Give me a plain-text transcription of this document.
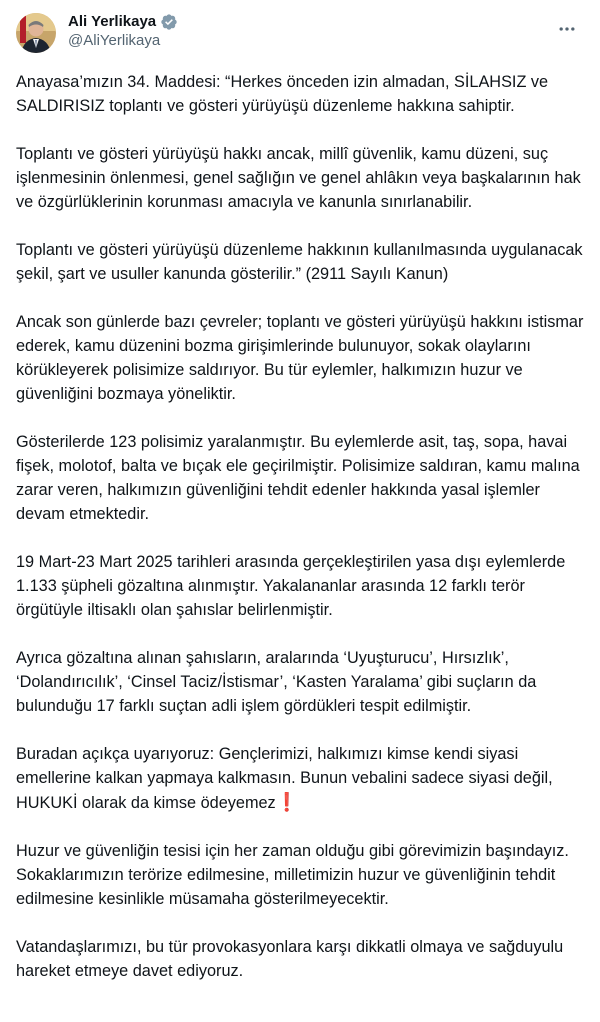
Ali Yerlikaya
@AliYerlikaya

Anayasa’mızın 34. Maddesi: “Herkes önceden izin almadan, SİLAHSIZ ve SALDIRISIZ toplantı ve gösteri yürüyüşü düzenleme hakkına sahiptir.

Toplantı ve gösteri yürüyüşü hakkı ancak, millî güvenlik, kamu düzeni, suç işlenmesinin önlenmesi, genel sağlığın ve genel ahlâkın veya başkalarının hak ve özgürlüklerinin korunması amacıyla ve kanunla sınırlanabilir.

Toplantı ve gösteri yürüyüşü düzenleme hakkının kullanılmasında uygulanacak şekil, şart ve usuller kanunda gösterilir.” (2911 Sayılı Kanun)

Ancak son günlerde bazı çevreler; toplantı ve gösteri yürüyüşü hakkını istismar ederek, kamu düzenini bozma girişimlerinde bulunuyor, sokak olaylarını körükleyerek polisimize saldırıyor. Bu tür eylemler, halkımızın huzur ve güvenliğini bozmaya yöneliktir.

Gösterilerde 123 polisimiz yaralanmıştır. Bu eylemlerde asit, taş, sopa, havai fişek, molotof, balta ve bıçak ele geçirilmiştir. Polisimize saldıran, kamu malına zarar veren, halkımızın güvenliğini tehdit edenler hakkında yasal işlemler devam etmektedir.

19 Mart-23 Mart 2025 tarihleri arasında gerçekleştirilen yasa dışı eylemlerde 1.133 şüpheli gözaltına alınmıştır. Yakalananlar arasında 12 farklı terör örgütüyle iltisaklı olan şahıslar belirlenmiştir.

Ayrıca gözaltına alınan şahısların, aralarında ‘Uyuşturucu’, Hırsızlık’, ‘Dolandırıcılık’, ‘Cinsel Taciz/İstismar’, ‘Kasten Yaralama’ gibi suçların da bulunduğu 17 farklı suçtan adli işlem gördükleri tespit edilmiştir.

Buradan açıkça uyarıyoruz: Gençlerimizi, halkımızı kimse kendi siyasi emellerine kalkan yapmaya kalkmasın. Bunun vebalini sadece siyasi değil, HUKUKİ olarak da kimse ödeyemez❗

Huzur ve güvenliğin tesisi için her zaman olduğu gibi görevimizin başındayız. Sokaklarımızın terörize edilmesine, milletimizin huzur ve güvenliğinin tehdit edilmesine kesinlikle müsamaha gösterilmeyecektir.

Vatandaşlarımızı, bu tür provokasyonlara karşı dikkatli olmaya ve sağduyulu hareket etmeye davet ediyoruz.
